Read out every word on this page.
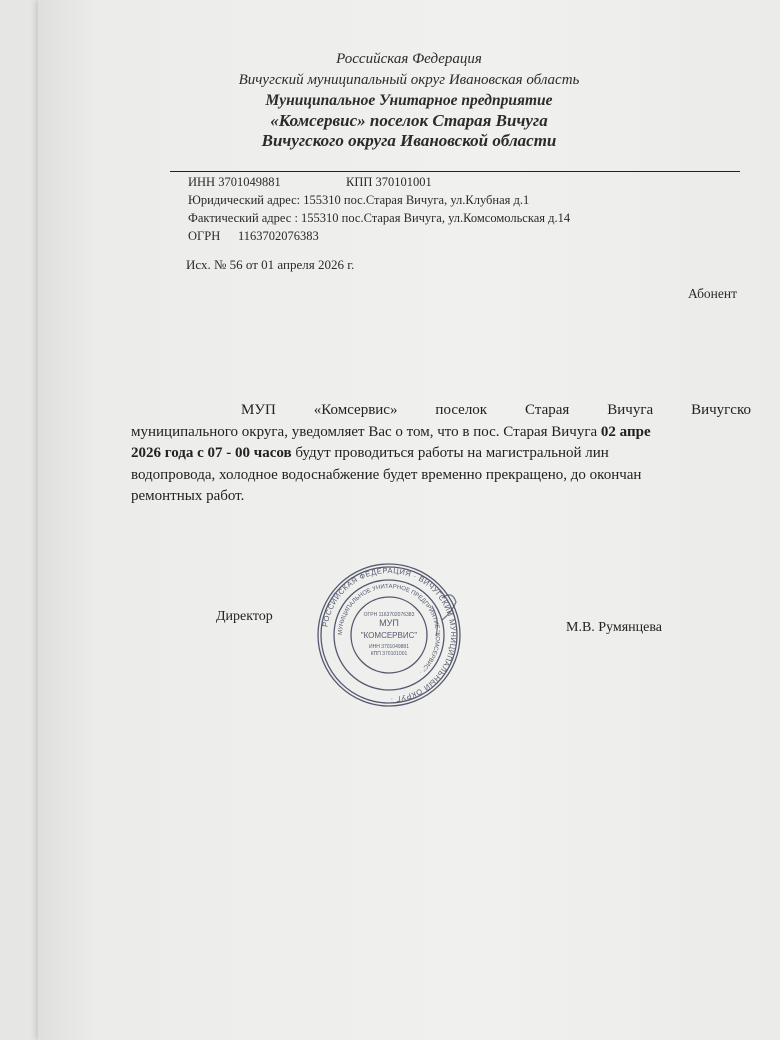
Российская Федерация
Вичугский муниципальный округ Ивановская область
Муниципальное Унитарное предприятие
«Комсервис» поселок Старая Вичуга
Вичугского округа Ивановской области
ИНН 3701049881	КПП 370101001
Юридический адрес: 155310 пос.Старая Вичуга, ул.Клубная д.1
Фактический адрес : 155310 пос.Старая Вичуга, ул.Комсомольская д.14
ОГРН 1163702076383
Исх. № 56 от 01 апреля 2026 г.
Абонент
МУП «Комсервис» поселок Старая Вичуга Вичугско
муниципального округа, уведомляет Вас о том, что в пос. Старая Вичуга 02 апре
2026 года с 07 - 00 часов будут проводиться работы на магистральной лин
водопровода, холодное водоснабжение будет временно прекращено, до окончан
ремонтных работ.
Директор
М.В. Румянцева
РОССИЙСКАЯ ФЕДЕРАЦИЯ · ВИЧУГСКИЙ МУНИЦИПАЛЬНЫЙ ОКРУГ ·
МУНИЦИПАЛЬНОЕ УНИТАРНОЕ ПРЕДПРИЯТИЕ "КОМСЕРВИС" ·
МУП
"КОМСЕРВИС"
ИНН 3701049881
КПП 370101001
ОГРН 1163702076383
